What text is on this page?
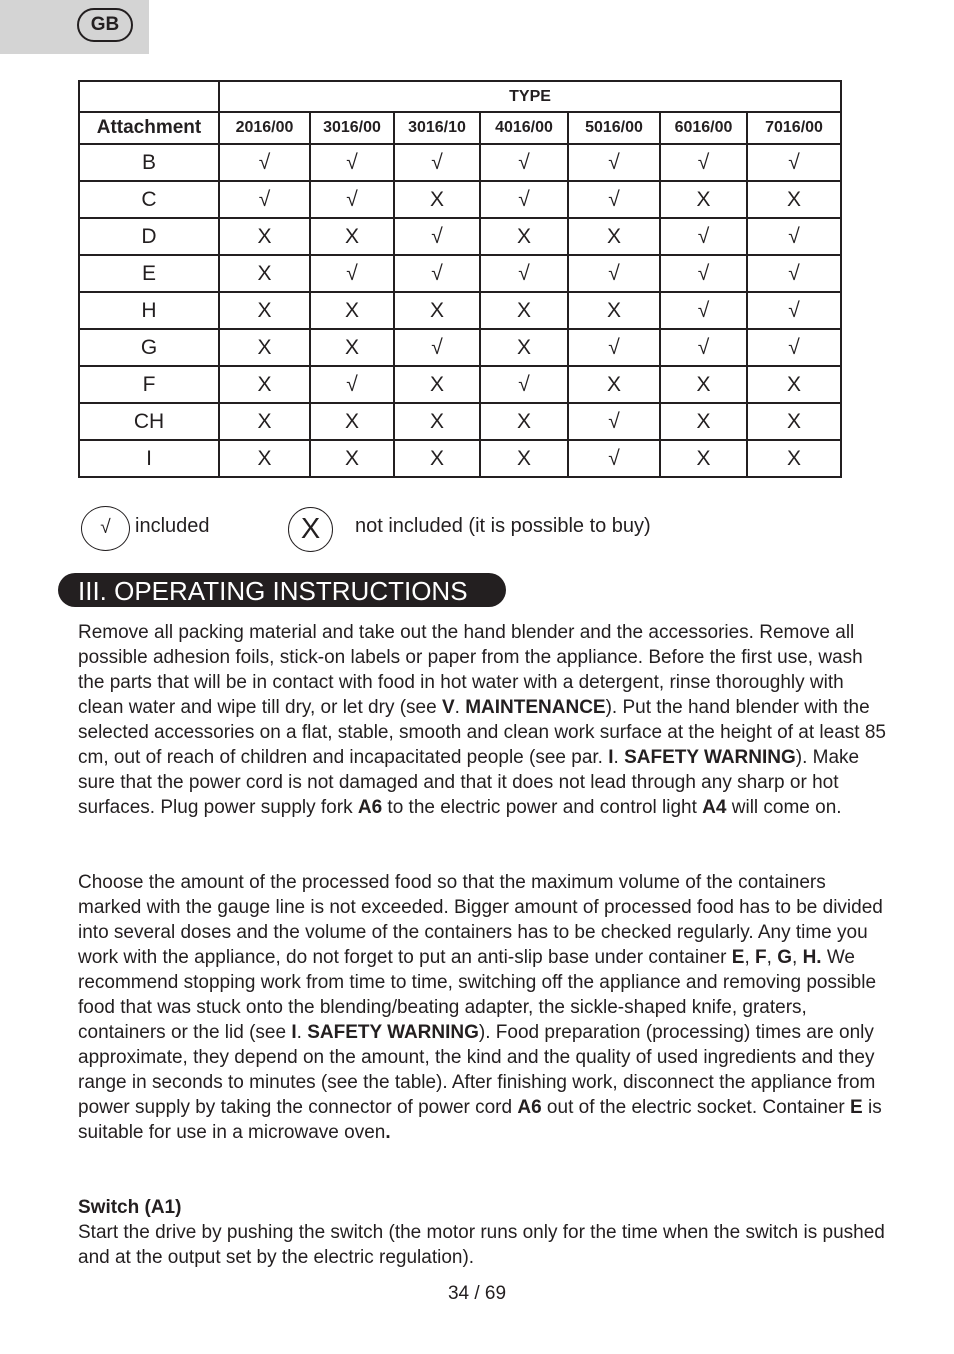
GB
	TYPE						
Attachment	2016/00	3016/00	3016/10	4016/00	5016/00	6016/00	7016/00
B	√	√	√	√	√	√	√
C	√	√	X	√	√	X	X
D	X	X	√	X	X	√	√
E	X	√	√	√	√	√	√
H	X	X	X	X	X	√	√
G	X	X	√	X	√	√	√
F	X	√	X	√	X	X	X
CH	X	X	X	X	√	X	X
I	X	X	X	X	√	X	X
√	included	X	not included (it is possible to buy)
III. OPERATING INSTRUCTIONS

Remove all packing material and take out the hand blender and the accessories. Remove all possible adhesion foils, stick-on labels or paper from the appliance. Before the first use, wash the parts that will be in contact with food in hot water with a detergent, rinse thoroughly with clean water and wipe till dry, or let dry (see V. MAINTENANCE). Put the hand blender with the selected accessories on a flat, stable, smooth and clean work surface at the height of at least 85 cm, out of reach of children and incapacitated people (see par. I. SAFETY WARNING). Make sure that the power cord is not damaged and that it does not lead through any sharp or hot surfaces. Plug power supply fork A6 to the electric power and control light A4 will come on.

Choose the amount of the processed food so that the maximum volume of the containers marked with the gauge line is not exceeded. Bigger amount of processed food has to be divided into several doses and the volume of the containers has to be checked regularly. Any time you work with the appliance, do not forget to put an anti-slip base under container E, F, G, H. We recommend stopping work from time to time, switching off the appliance and removing possible food that was stuck onto the blending/beating adapter, the sickle-shaped knife, graters, containers or the lid (see I. SAFETY WARNING). Food preparation (processing) times are only approximate, they depend on the amount, the kind and the quality of used ingredients and they range in seconds to minutes (see the table). After finishing work, disconnect the appliance from power supply by taking the connector of power cord A6 out of the electric socket. Container E is suitable for use in a microwave oven.

Switch (A1)

Start the drive by pushing the switch (the motor runs only for the time when the switch is pushed and at the output set by the electric regulation).

34 / 69
